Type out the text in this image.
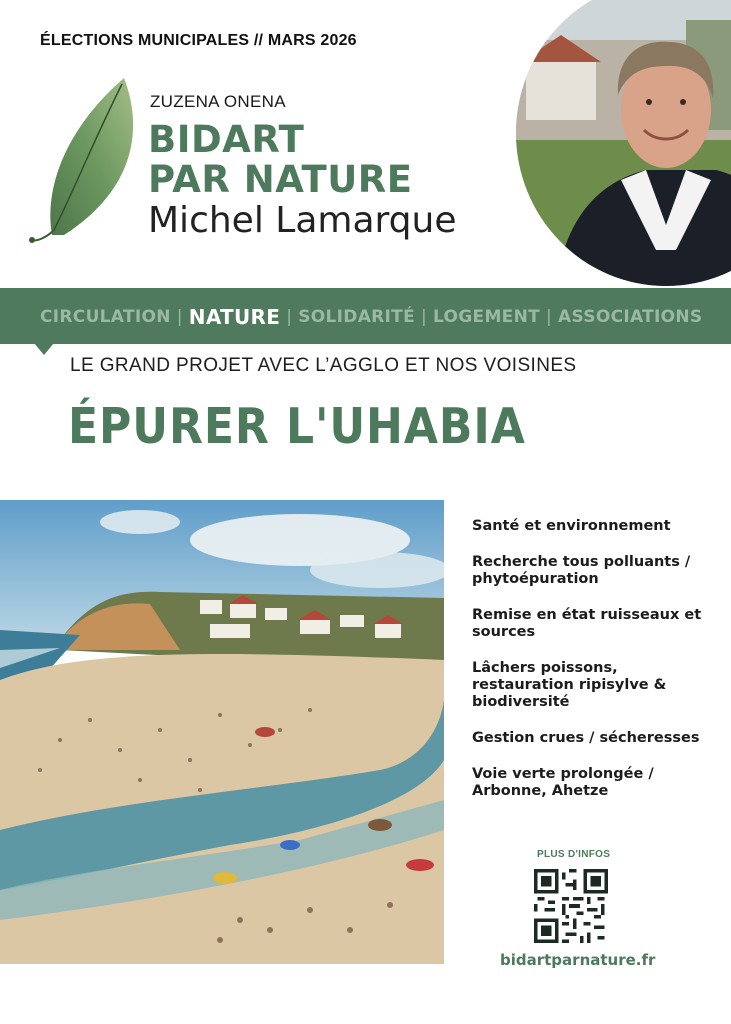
ÉLECTIONS MUNICIPALES // MARS 2026
ZUZENA ONENA
BIDART
PAR NATURE
Michel Lamarque
CIRCULATION | NATURE | SOLIDARITÉ | LOGEMENT | ASSOCIATIONS
LE GRAND PROJET AVEC L’AGGLO ET NOS VOISINES
ÉPURER L'UHABIA
Santé et environnement
Recherche tous polluants / phytoépuration
Remise en état ruisseaux et sources
Lâchers poissons, restauration ripisylve & biodiversité
Gestion crues / sécheresses
Voie verte prolongée / Arbonne, Ahetze
PLUS D'INFOS
bidartparnature.fr
